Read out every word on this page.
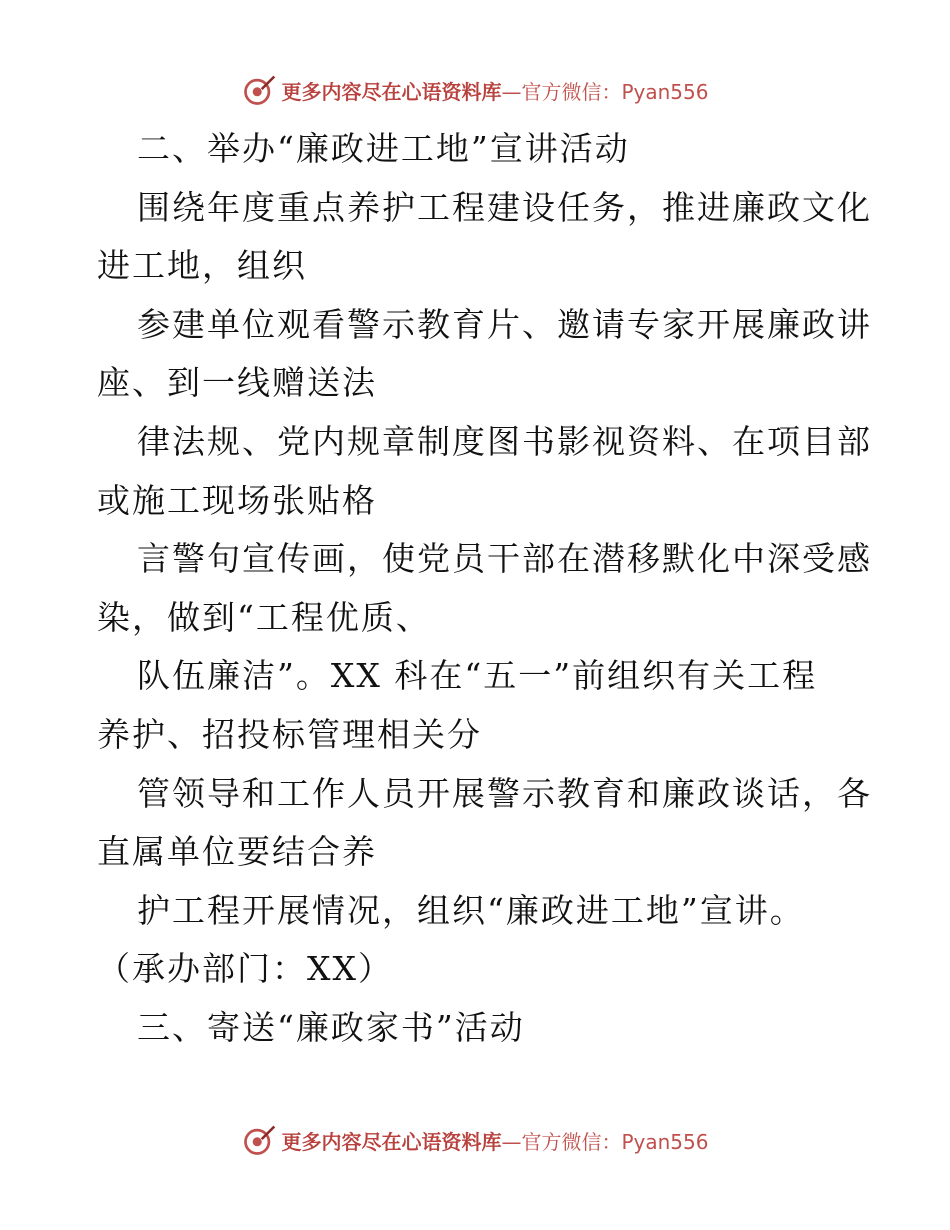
更多内容尽在心语资料库—官方微信：Pyan556
二、举办“廉政进工地”宣讲活动
围绕年度重点养护工程建设任务，推进廉政文化
进工地，组织
参建单位观看警示教育片、邀请专家开展廉政讲
座、到一线赠送法
律法规、党内规章制度图书影视资料、在项目部
或施工现场张贴格
言警句宣传画，使党员干部在潜移默化中深受感
染，做到“工程优质、
队伍廉洁”。XX 科在“五一”前组织有关工程
养护、招投标管理相关分
管领导和工作人员开展警示教育和廉政谈话，各
直属单位要结合养
护工程开展情况，组织“廉政进工地”宣讲。
（承办部门：XX）
三、寄送“廉政家书”活动
更多内容尽在心语资料库—官方微信：Pyan556
